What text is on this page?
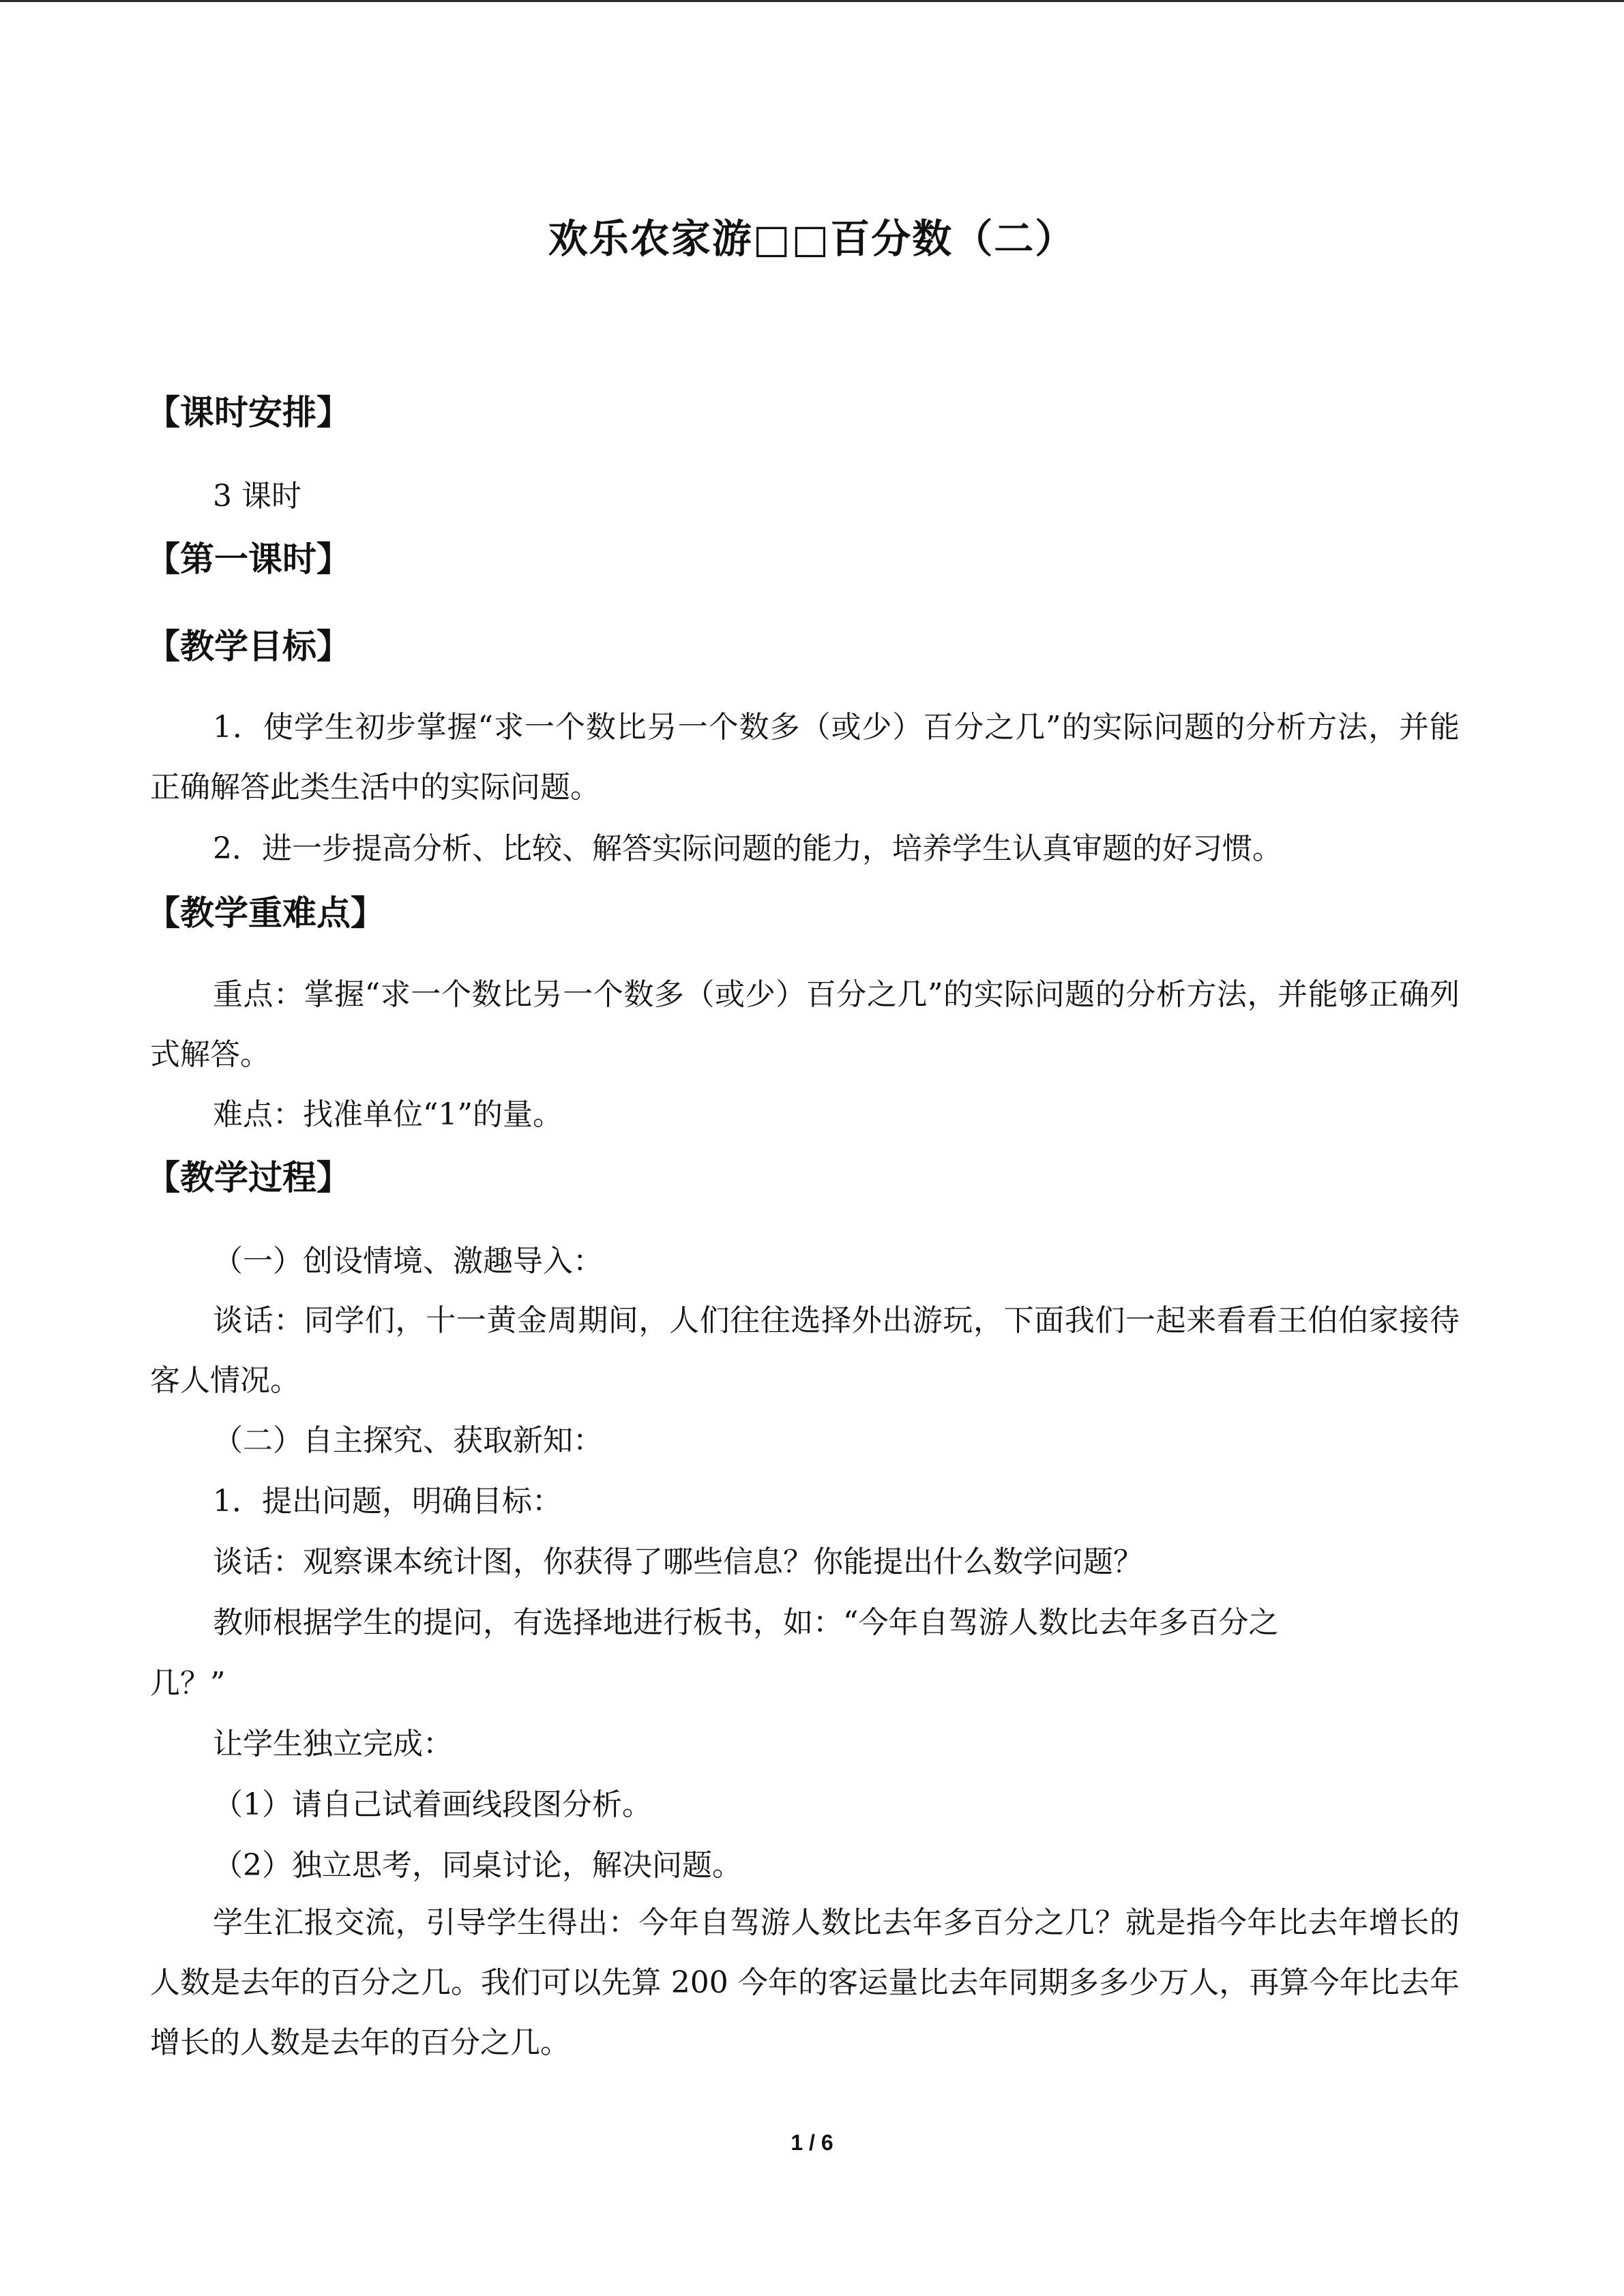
欢乐农家游□□百分数（二）
【课时安排】
3 课时
【第一课时】
【教学目标】
1．使学生初步掌握“求一个数比另一个数多（或少）百分之几”的实际问题的分析方法，并能正确解答此类生活中的实际问题。
2．进一步提高分析、比较、解答实际问题的能力，培养学生认真审题的好习惯。
【教学重难点】
重点：掌握“求一个数比另一个数多（或少）百分之几”的实际问题的分析方法，并能够正确列式解答。
难点：找准单位“1”的量。
【教学过程】
（一）创设情境、激趣导入：
谈话：同学们，十一黄金周期间，人们往往选择外出游玩，下面我们一起来看看王伯伯家接待客人情况。
（二）自主探究、获取新知：
1．提出问题，明确目标：
谈话：观察课本统计图，你获得了哪些信息？你能提出什么数学问题？
教师根据学生的提问，有选择地进行板书，如：“今年自驾游人数比去年多百分之
几？”
让学生独立完成：
（1）请自己试着画线段图分析。
（2）独立思考，同桌讨论，解决问题。
学生汇报交流，引导学生得出：今年自驾游人数比去年多百分之几？就是指今年比去年增长的人数是去年的百分之几。我们可以先算 200 今年的客运量比去年同期多多少万人，再算今年比去年增长的人数是去年的百分之几。
1 / 6
